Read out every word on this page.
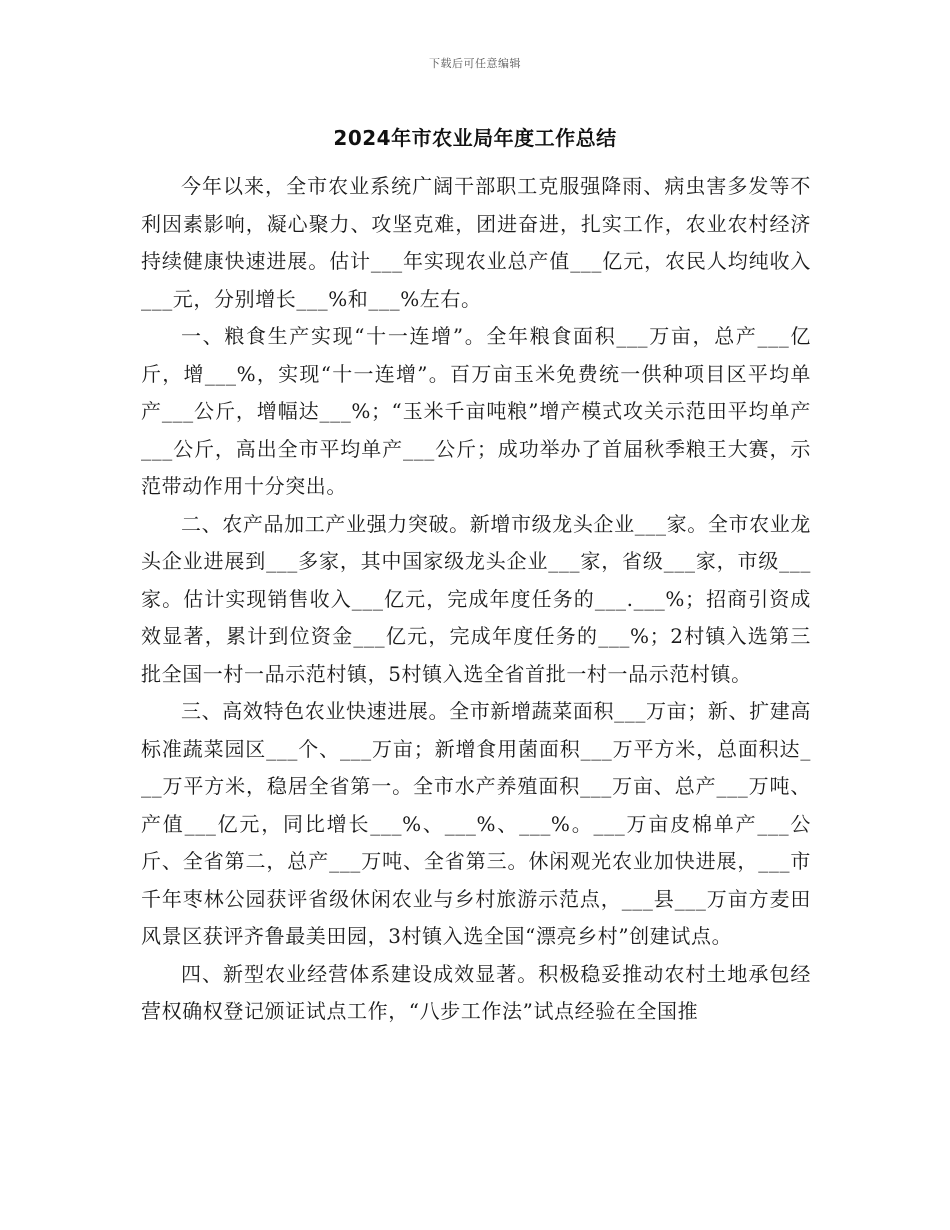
下载后可任意编辑
2024年市农业局年度工作总结

今年以来，全市农业系统广阔干部职工克服强降雨、病虫害多发等不利因素影响，凝心聚力、攻坚克难，团进奋进，扎实工作，农业农村经济持续健康快速进展。估计___年实现农业总产值___亿元，农民人均纯收入___元，分别增长___%和___%左右。

一、粮食生产实现“十一连增”。全年粮食面积___万亩，总产___亿斤，增___%，实现“十一连增”。百万亩玉米免费统一供种项目区平均单产___公斤，增幅达___%；“玉米千亩吨粮”增产模式攻关示范田平均单产___公斤，高出全市平均单产___公斤；成功举办了首届秋季粮王大赛，示范带动作用十分突出。

二、农产品加工产业强力突破。新增市级龙头企业___家。全市农业龙头企业进展到___多家，其中国家级龙头企业___家，省级___家，市级___家。估计实现销售收入___亿元，完成年度任务的___.___%；招商引资成效显著，累计到位资金___亿元，完成年度任务的___%；2村镇入选第三批全国一村一品示范村镇，5村镇入选全省首批一村一品示范村镇。

三、高效特色农业快速进展。全市新增蔬菜面积___万亩；新、扩建高标准蔬菜园区___个、___万亩；新增食用菌面积___万平方米，总面积达___万平方米，稳居全省第一。全市水产养殖面积___万亩、总产___万吨、产值___亿元，同比增长___%、___%、___%。___万亩皮棉单产___公斤、全省第二，总产___万吨、全省第三。休闲观光农业加快进展，___市千年枣林公园获评省级休闲农业与乡村旅游示范点，___县___万亩方麦田风景区获评齐鲁最美田园，3村镇入选全国“漂亮乡村”创建试点。

四、新型农业经营体系建设成效显著。积极稳妥推动农村土地承包经营权确权登记颁证试点工作，“八步工作法”试点经验在全国推
